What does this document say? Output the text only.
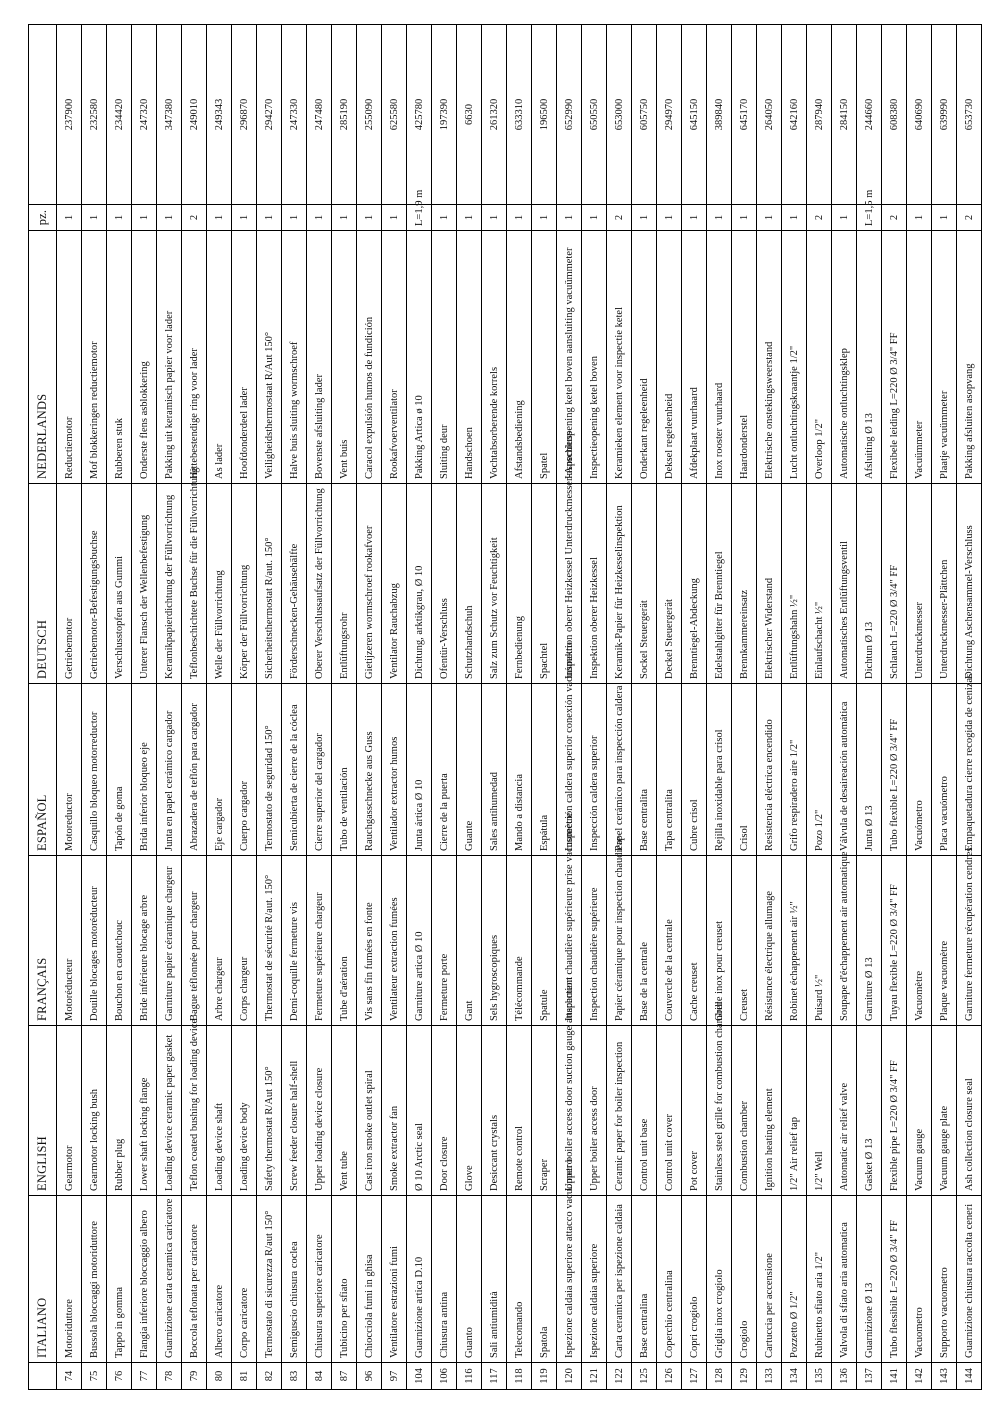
	ITALIANO	ENGLISH	FRANÇAIS	ESPAÑOL	DEUTSCH	NEDERLANDS	pz.	
74	Motoriduttore	Gearmotor	Motoréducteur	Motoreductor	Getriebemotor	Reductiemotor	1	237900
75	Bussola bloccaggi motoriduttore	Gearmotor locking bush	Douille blocages motoréducteur	Casquillo bloqueo motorreductor	Getriebemotor-Befestigungsbuchse	Mof blokkeringen reductiemotor	1	232580
76	Tappo in gomma	Rubber plug	Bouchon en caoutchouc	Tapón de goma	Verschlusstopfen aus Gummi	Rubberen stuk	1	234420
77	Flangia inferiore bloccaggio albero	Lower shaft locking flange	Bride inférieure blocage arbre	Brida inferior bloqueo eje	Unterer Flansch der Wellenbefestigung	Onderste flens asblokkering	1	247320
78	Guarnizione carta ceramica caricatore	Loading device ceramic paper gasket	Garniture papier céramique chargeur	Junta en papel cerámico cargador	Keramikpapierdichtung der Füllvorrichtung	Pakking uit keramisch papier voor lader	1	347380
79	Boccola teflonata per caricatore	Teflon coated bushing for loading device	Bague téflonnée pour chargeur	Abrazadera de teflón para cargador	Teflonbeschichtete Buchse für die Füllvorrichtung	Hittebestendige ring voor lader	2	249010
80	Albero caricatore	Loading device shaft	Arbre chargeur	Eje cargador	Welle der Füllvorrichtung	As lader	1	249343
81	Corpo caricatore	Loading device body	Corps chargeur	Cuerpo cargador	Körper der Füllvorrichtung	Hoofdonderdeel lader	1	296870
82	Termostato di sicurezza R/aut 150°	Safety thermostat R/Aut 150°	Thermostat de sécurité R/aut. 150°	Termostato de seguridad 150°	Sicherheitsthermostat R/aut. 150°	Veiligheidsthermostaat R/Aut 150°	1	294270
83	Semiguscio chiusura coclea	Screw feeder closure half-shell	Demi-coquille fermeture vis	Semicubierta de cierre de la cóclea	Förderschnecken-Gehäusehälfte	Halve buis sluiting wormschroef	1	247330
84	Chiusura superiore caricatore	Upper loading device closure	Fermeture supérieure chargeur	Cierre superior del cargador	Oberer Verschlussaufsatz der Füllvorrichtung	Bovenste afsluiting lader	1	247480
87	Tubicino per sfiato	Vent tube	Tube d'aération	Tubo de ventilación	Entlüftungsrohr	Vent buis	1	285190
96	Chiocciola fumi in ghisa	Cast iron smoke outlet spiral	Vis sans fin fumées en fonte	Rauchgasschnecke aus Guss	Gietijzeren wormschroef rookafvoer	Caracol expulsión humos de fundición	1	255090
97	Ventilatore estrazioni fumi	Smoke extractor fan	Ventilateur extraction fumées	Ventilador extractor humos	Ventilator Rauchabzug	Rookafvoerventilator	1	625580
104	Guarnizione artica D.10	Ø 10 Arctic seal	Garniture artica Ø 10	Junta ártica Ø 10	Dichtung, arktikgrau, Ø 10	Pakking Artica ø 10	L=1,9 m	425780
106	Chiusura antina	Door closure	Fermeture porte	Cierre de la puerta	Ofentür-Verschluss	Sluiting deur	1	197390
116	Guanto	Glove	Gant	Guante	Schutzhandschuh	Handschoen	1	6630
117	Sali antiumidità	Desiccant crystals	Sels hygroscopiques	Sales antihumedad	Salz zum Schutz vor Feuchtigkeit	Vochtabsorberende korrels	1	261320
118	Telecomando	Remote control	Télécommande	Mando a distancia	Fernbedienung	Afstandsbediening	1	633310
119	Spatola	Scraper	Spatule	Espátula	Spachtel	Spatel	1	196500
120	Ispezione caldaia superiore attacco vacuometro	Upper boiler access door suction gauge attachment	Inspection chaudière supérieure prise vacuomètre	Inspección caldera superior conexión vacuómetro	Inspektion oberer Heizkessel Unterdruckmesser-Anschluss	Inspectieopening ketel boven aansluiting vacuümmeter	1	652990
121	Ispezione caldaia superiore	Upper boiler access door	Inspection chaudière supérieure	Inspección caldera superior	Inspektion oberer Heizkessel	Inspectieopening ketel boven	1	650550
122	Carta ceramica per ispezione caldaia	Ceramic paper for boiler inspection	Papier céramique pour inspection chaudière	Papel cerámico para inspección caldera	Keramik-Papier für Heizkesselinspektion	Keramieken element voor inspectie ketel	2	653000
125	Base centralina	Control unit base	Base de la centrale	Base centralita	Sockel Steuergerät	Onderkant regeleenheid	1	605750
126	Coperchio centralina	Control unit cover	Couvercle de la centrale	Tapa centralita	Deckel Steuergerät	Deksel regeleenheid	1	294970
127	Copri crogiolo	Pot cover	Cache creuset	Cubre crisol	Brenntiegel-Abdeckung	Afdekplaat vuurhaard	1	645150
128	Griglia inox crogiolo	Stainless steel grille for combustion chamber	Grille inox pour creuset	Rejilla inoxidable para crisol	Edelstahlgitter für Brenntiegel	Inox rooster vuurhaard	1	389840
129	Crogiolo	Combustion chamber	Creuset	Crisol	Brennkammereinsatz	Haardonderstel	1	645170
133	Cartuccia per accensione	Ignition heating element	Résistance électrique allumage	Resistencia eléctrica encendido	Elektrischer Widerstand	Elektrische onstekingsweerstand	1	264050
134	Pozzetto Ø 1/2"	1/2" Air relief tap	Robinet échappement air ½"	Grifo respiradero aire 1/2"	Entlüftungshahn ½"	Lucht ontluchtingskraantje 1/2"	1	642160
135	Rubinetto sfiato aria 1/2"	1/2" Well	Puisard ½"	Pozo 1/2"	Einlaufschacht ½"	Overloop 1/2"	2	287940
136	Valvola di sfiato aria automatica	Automatic air relief valve	Soupape d'échappement air automatique	Válvula de desaireación automática	Automatisches Entlüftungsventil	Automatische ontluchtingsklep	1	284150
137	Guarnizione Ø 13	Gasket Ø 13	Garniture Ø 13	Junta Ø 13	Dichtun Ø 13	Afsluiting Ø 13	L=1,5 m	244660
141	Tubo flessibile L=220 Ø 3/4" FF	Flexible pipe L=220 Ø 3/4" FF	Tuyau flexible L=220 Ø 3/4" FF	Tubo flexible L=220 Ø 3/4" FF	Schlauch L=220 Ø 3/4" FF	Flexibele leiding L=220 Ø 3/4" FF	2	608380
142	Vacuometro	Vacuum gauge	Vacuomètre	Vacuómetro	Unterdruckmesser	Vacuümmeter	1	640690
143	Supporto vacuometro	Vacuum gauge plate	Plaque vacuomètre	Placa vacuómetro	Unterdruckmesser-Plättchen	Plaatje vacuümmeter	1	639990
144	Guarnizione chiusura raccolta ceneri	Ash collection closure seal	Garniture fermeture récupération cendres	Empaquetadura cierre recogida de cenizas	Dichtung Aschensammel-Verschluss	Pakking afsluiten asopvang	2	653730
